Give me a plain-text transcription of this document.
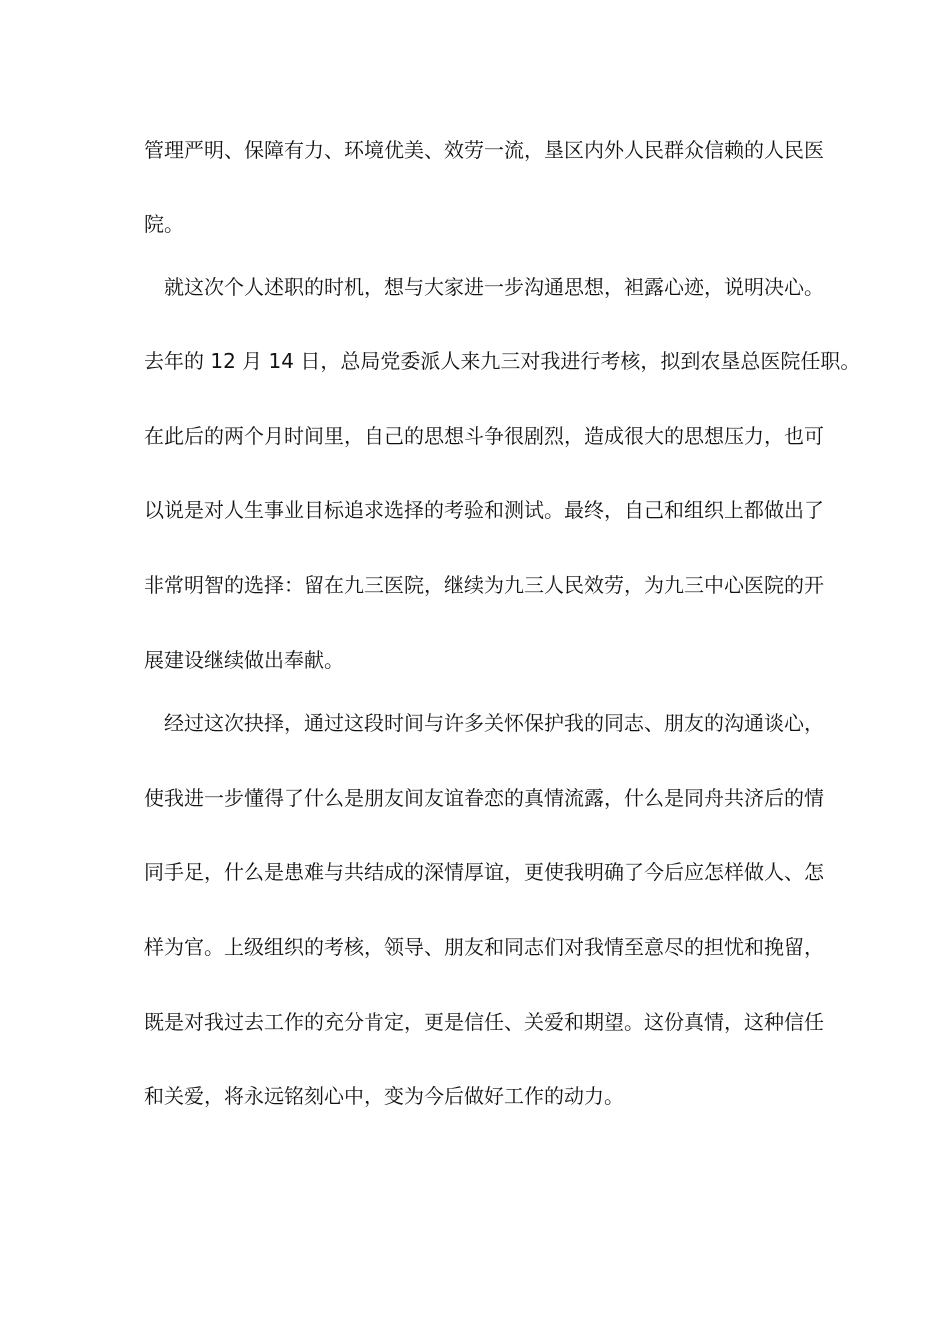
管理严明、保障有力、环境优美、效劳一流，垦区内外人民群众信赖的人民医
院。
就这次个人述职的时机，想与大家进一步沟通思想，袒露心迹，说明决心。
去年的 12 月 14 日，总局党委派人来九三对我进行考核，拟到农垦总医院任职。
在此后的两个月时间里，自己的思想斗争很剧烈，造成很大的思想压力，也可
以说是对人生事业目标追求选择的考验和测试。最终，自己和组织上都做出了
非常明智的选择：留在九三医院，继续为九三人民效劳，为九三中心医院的开
展建设继续做出奉献。
经过这次抉择，通过这段时间与许多关怀保护我的同志、朋友的沟通谈心，
使我进一步懂得了什么是朋友间友谊眷恋的真情流露，什么是同舟共济后的情
同手足，什么是患难与共结成的深情厚谊，更使我明确了今后应怎样做人、怎
样为官。上级组织的考核，领导、朋友和同志们对我情至意尽的担忧和挽留，
既是对我过去工作的充分肯定，更是信任、关爱和期望。这份真情，这种信任
和关爱，将永远铭刻心中，变为今后做好工作的动力。
